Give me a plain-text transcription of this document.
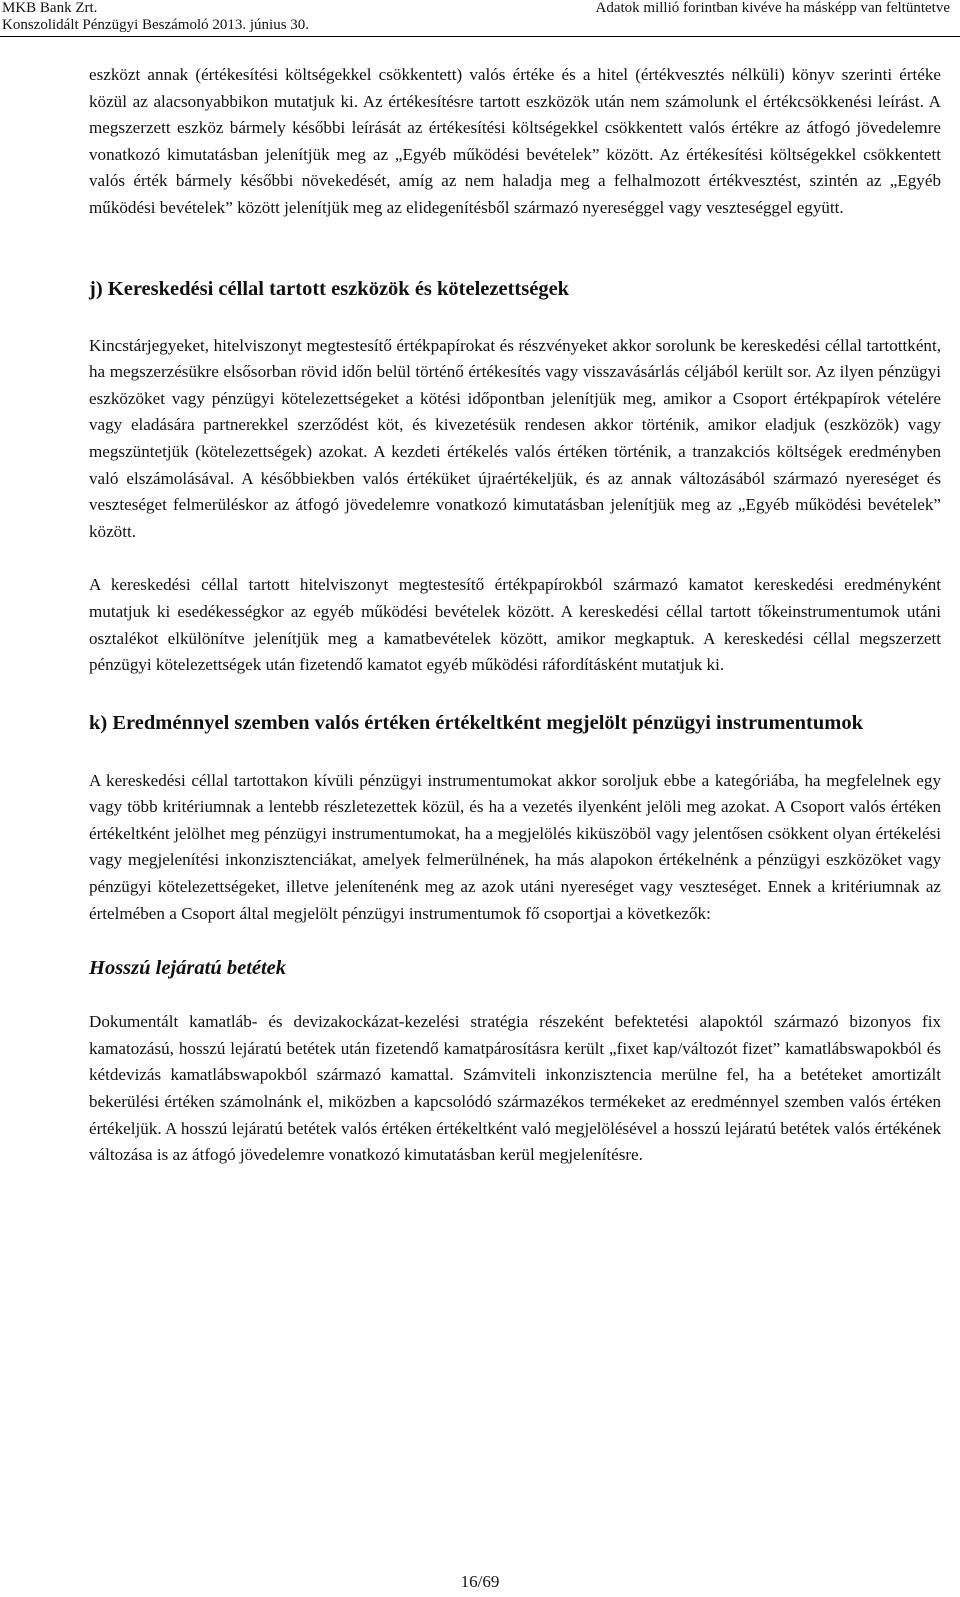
MKB Bank Zrt.
Konszolidált Pénzügyi Beszámoló 2013. június 30.
Adatok millió forintban kivéve ha másképp van feltüntetve

eszközt annak (értékesítési költségekkel csökkentett) valós értéke és a hitel (értékvesztés nélküli) könyv szerinti értéke közül az alacsonyabbikon mutatjuk ki. Az értékesítésre tartott eszközök után nem számolunk el értékcsökkenési leírást. A megszerzett eszköz bármely későbbi leírását az értékesítési költségekkel csökkentett valós értékre az átfogó jövedelemre vonatkozó kimutatásban jelenítjük meg az „Egyéb működési bevételek” között. Az értékesítési költségekkel csökkentett valós érték bármely későbbi növekedését, amíg az nem haladja meg a felhalmozott értékvesztést, szintén az „Egyéb működési bevételek” között jelenítjük meg az elidegenítésből származó nyereséggel vagy veszteséggel együtt.

j) Kereskedési céllal tartott eszközök és kötelezettségek

Kincstárjegyeket, hitelviszonyt megtestesítő értékpapírokat és részvényeket akkor sorolunk be kereskedési céllal tartottként, ha megszerzésükre elsősorban rövid időn belül történő értékesítés vagy visszavásárlás céljából került sor. Az ilyen pénzügyi eszközöket vagy pénzügyi kötelezettségeket a kötési időpontban jelenítjük meg, amikor a Csoport értékpapírok vételére vagy eladására partnerekkel szerződést köt, és kivezetésük rendesen akkor történik, amikor eladjuk (eszközök) vagy megszüntetjük (kötelezettségek) azokat. A kezdeti értékelés valós értéken történik, a tranzakciós költségek eredményben való elszámolásával. A későbbiekben valós értéküket újraértékeljük, és az annak változásából származó nyereséget és veszteséget felmerüléskor az átfogó jövedelemre vonatkozó kimutatásban jelenítjük meg az „Egyéb működési bevételek” között.

A kereskedési céllal tartott hitelviszonyt megtestesítő értékpapírokból származó kamatot kereskedési eredményként mutatjuk ki esedékességkor az egyéb működési bevételek között. A kereskedési céllal tartott tőkeinstrumentumok utáni osztalékot elkülönítve jelenítjük meg a kamatbevételek között, amikor megkaptuk. A kereskedési céllal megszerzett pénzügyi kötelezettségek után fizetendő kamatot egyéb működési ráfordításként mutatjuk ki.

k) Eredménnyel szemben valós értéken értékeltként megjelölt pénzügyi instrumentumok

A kereskedési céllal tartottakon kívüli pénzügyi instrumentumokat akkor soroljuk ebbe a kategóriába, ha megfelelnek egy vagy több kritériumnak a lentebb részletezettek közül, és ha a vezetés ilyenként jelöli meg azokat. A Csoport valós értéken értékeltként jelölhet meg pénzügyi instrumentumokat, ha a megjelölés kiküszöböl vagy jelentősen csökkent olyan értékelési vagy megjelenítési inkonzisztenciákat, amelyek felmerülnének, ha más alapokon értékelnénk a pénzügyi eszközöket vagy pénzügyi kötelezettségeket, illetve jelenítenénk meg az azok utáni nyereséget vagy veszteséget. Ennek a kritériumnak az értelmében a Csoport által megjelölt pénzügyi instrumentumok fő csoportjai a következők:

Hosszú lejáratú betétek

Dokumentált kamatláb- és devizakockázat-kezelési stratégia részeként befektetési alapoktól származó bizonyos fix kamatozású, hosszú lejáratú betétek után fizetendő kamatpárosításra került „fixet kap/változót fizet” kamatlábswapokból és kétdevizás kamatlábswapokból származó kamattal. Számviteli inkonzisztencia merülne fel, ha a betéteket amortizált bekerülési értéken számolnánk el, miközben a kapcsolódó származékos termékeket az eredménnyel szemben valós értéken értékeljük. A hosszú lejáratú betétek valós értéken értékeltként való megjelölésével a hosszú lejáratú betétek valós értékének változása is az átfogó jövedelemre vonatkozó kimutatásban kerül megjelenítésre.

16/69
